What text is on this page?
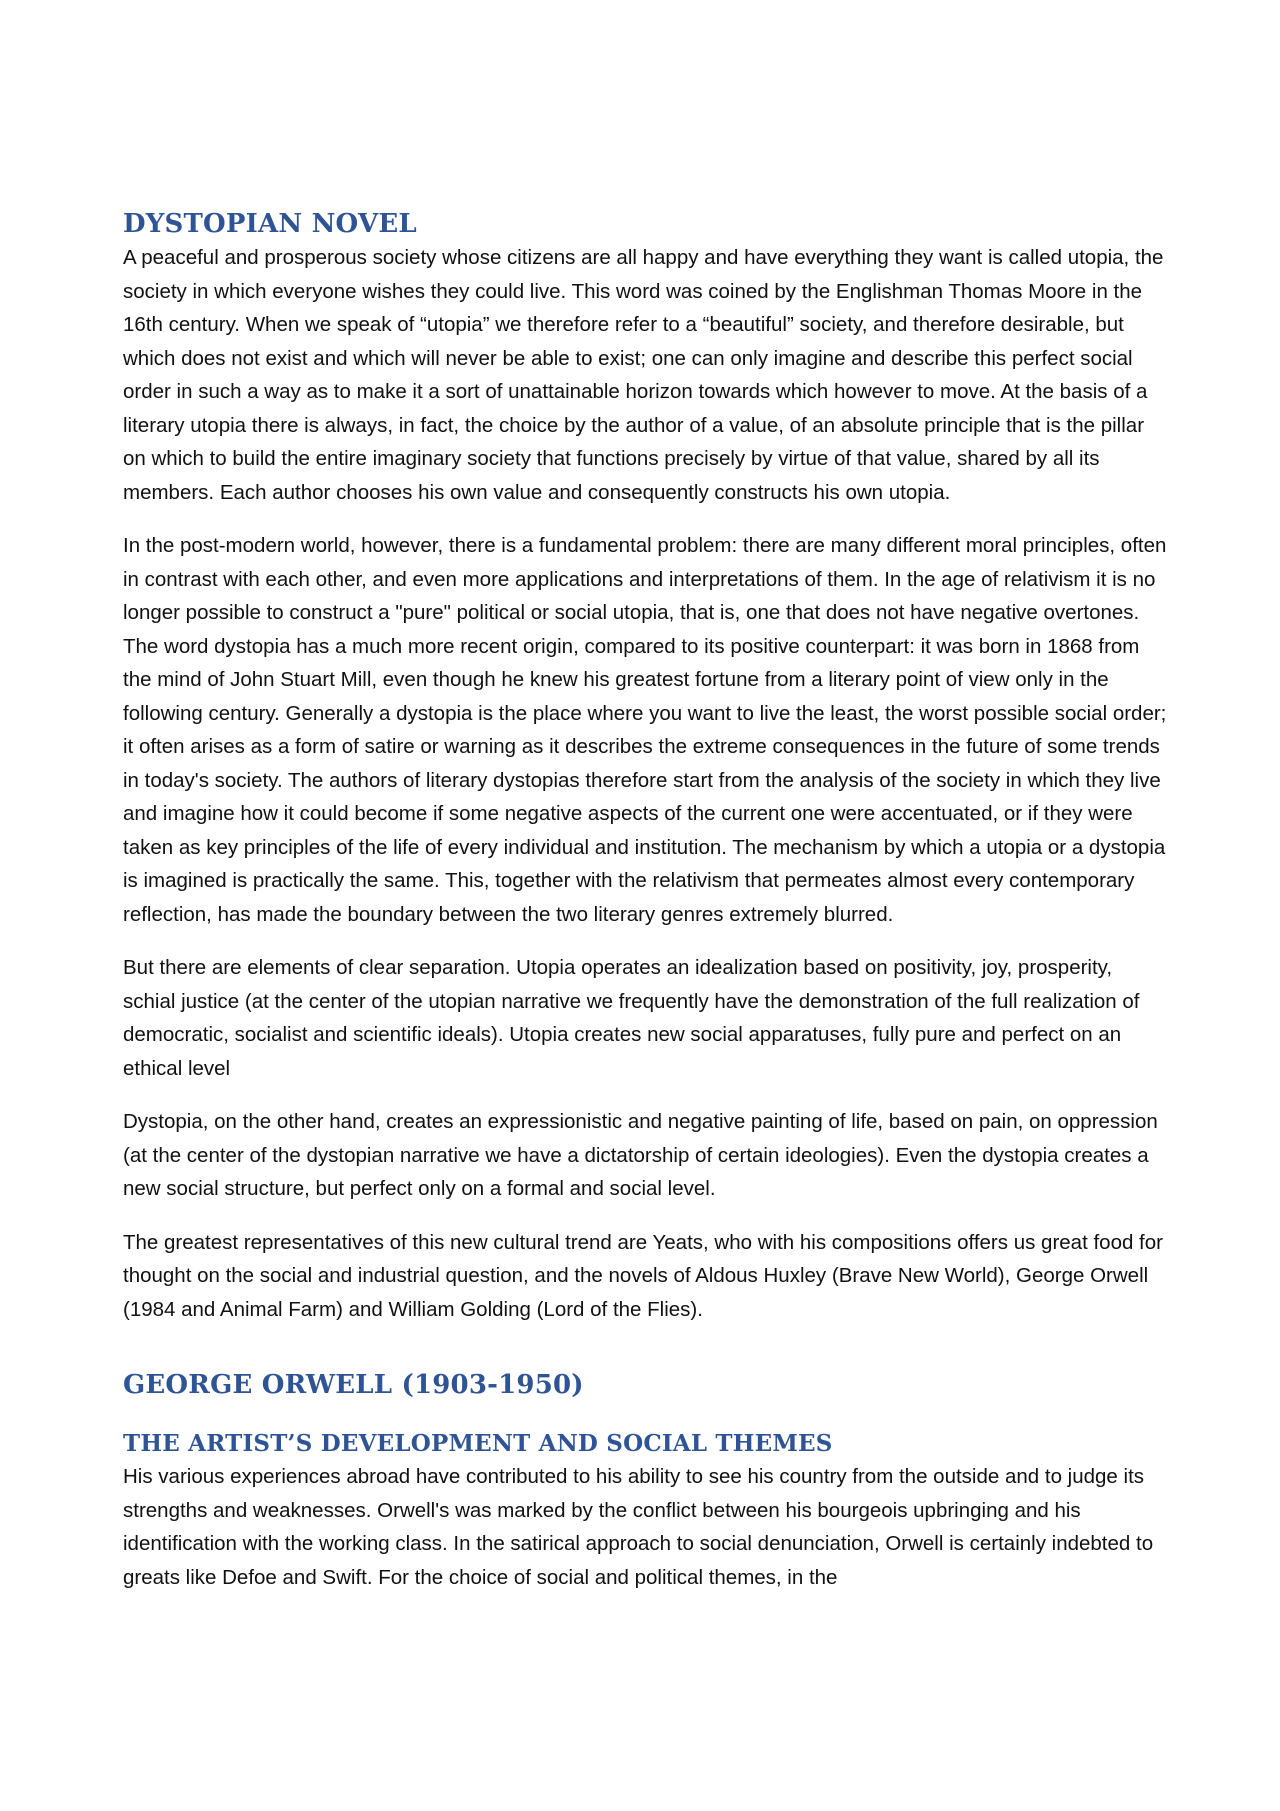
DYSTOPIAN NOVEL

A peaceful and prosperous society whose citizens are all happy and have everything they want is called utopia, the society in which everyone wishes they could live. This word was coined by the Englishman Thomas Moore in the 16th century. When we speak of “utopia” we therefore refer to a “beautiful” society, and therefore desirable, but which does not exist and which will never be able to exist; one can only imagine and describe this perfect social order in such a way as to make it a sort of unattainable horizon towards which however to move. At the basis of a literary utopia there is always, in fact, the choice by the author of a value, of an absolute principle that is the pillar on which to build the entire imaginary society that functions precisely by virtue of that value, shared by all its members. Each author chooses his own value and consequently constructs his own utopia.

In the post-modern world, however, there is a fundamental problem: there are many different moral principles, often in contrast with each other, and even more applications and interpretations of them. In the age of relativism it is no longer possible to construct a "pure" political or social utopia, that is, one that does not have negative overtones. The word dystopia has a much more recent origin, compared to its positive counterpart: it was born in 1868 from the mind of John Stuart Mill, even though he knew his greatest fortune from a literary point of view only in the following century. Generally a dystopia is the place where you want to live the least, the worst possible social order; it often arises as a form of satire or warning as it describes the extreme consequences in the future of some trends in today's society. The authors of literary dystopias therefore start from the analysis of the society in which they live and imagine how it could become if some negative aspects of the current one were accentuated, or if they were taken as key principles of the life of every individual and institution. The mechanism by which a utopia or a dystopia is imagined is practically the same. This, together with the relativism that permeates almost every contemporary reflection, has made the boundary between the two literary genres extremely blurred.

But there are elements of clear separation. Utopia operates an idealization based on positivity, joy, prosperity, schial justice (at the center of the utopian narrative we frequently have the demonstration of the full realization of democratic, socialist and scientific ideals). Utopia creates new social apparatuses, fully pure and perfect on an ethical level

Dystopia, on the other hand, creates an expressionistic and negative painting of life, based on pain, on oppression (at the center of the dystopian narrative we have a dictatorship of certain ideologies). Even the dystopia creates a new social structure, but perfect only on a formal and social level.

The greatest representatives of this new cultural trend are Yeats, who with his compositions offers us great food for thought on the social and industrial question, and the novels of Aldous Huxley (Brave New World), George Orwell (1984 and Animal Farm) and William Golding (Lord of the Flies).

GEORGE ORWELL (1903-1950)
THE ARTIST’S DEVELOPMENT AND SOCIAL THEMES

His various experiences abroad have contributed to his ability to see his country from the outside and to judge its strengths and weaknesses. Orwell's was marked by the conflict between his bourgeois upbringing and his identification with the working class. In the satirical approach to social denunciation, Orwell is certainly indebted to greats like Defoe and Swift. For the choice of social and political themes, in the
